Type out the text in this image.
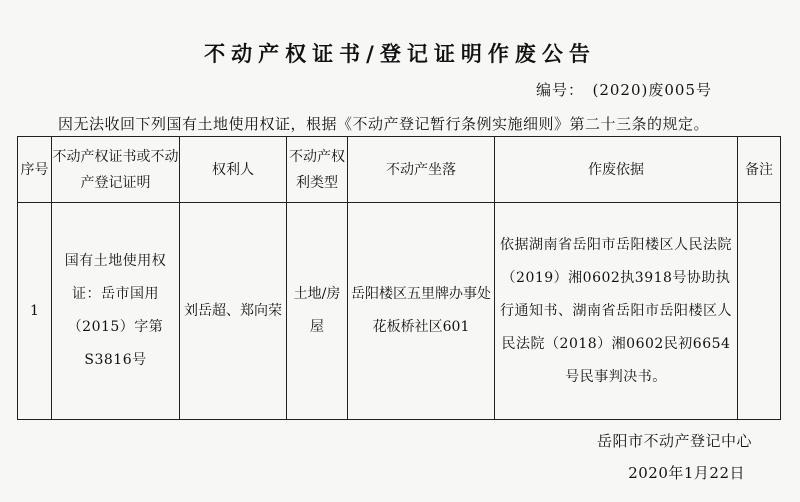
不动产权证书/登记证明作废公告
编号：　(2020)废005号
因无法收回下列国有土地使用权证，根据《不动产登记暂行条例实施细则》第二十三条的规定。
序号	不动产权证书或不动产登记证明	权利人	不动产权利类型	不动产坐落	作废依据	备注
1	国有土地使用权证：岳市国用（2015）字第S3816号	刘岳超、郑向荣	土地/房屋	岳阳楼区五里牌办事处花板桥社区601	依据湖南省岳阳市岳阳楼区人民法院（2019）湘0602执3918号协助执行通知书、湖南省岳阳市岳阳楼区人民法院（2018）湘0602民初6654号民事判决书。	
岳阳市不动产登记中心
2020年1月22日
